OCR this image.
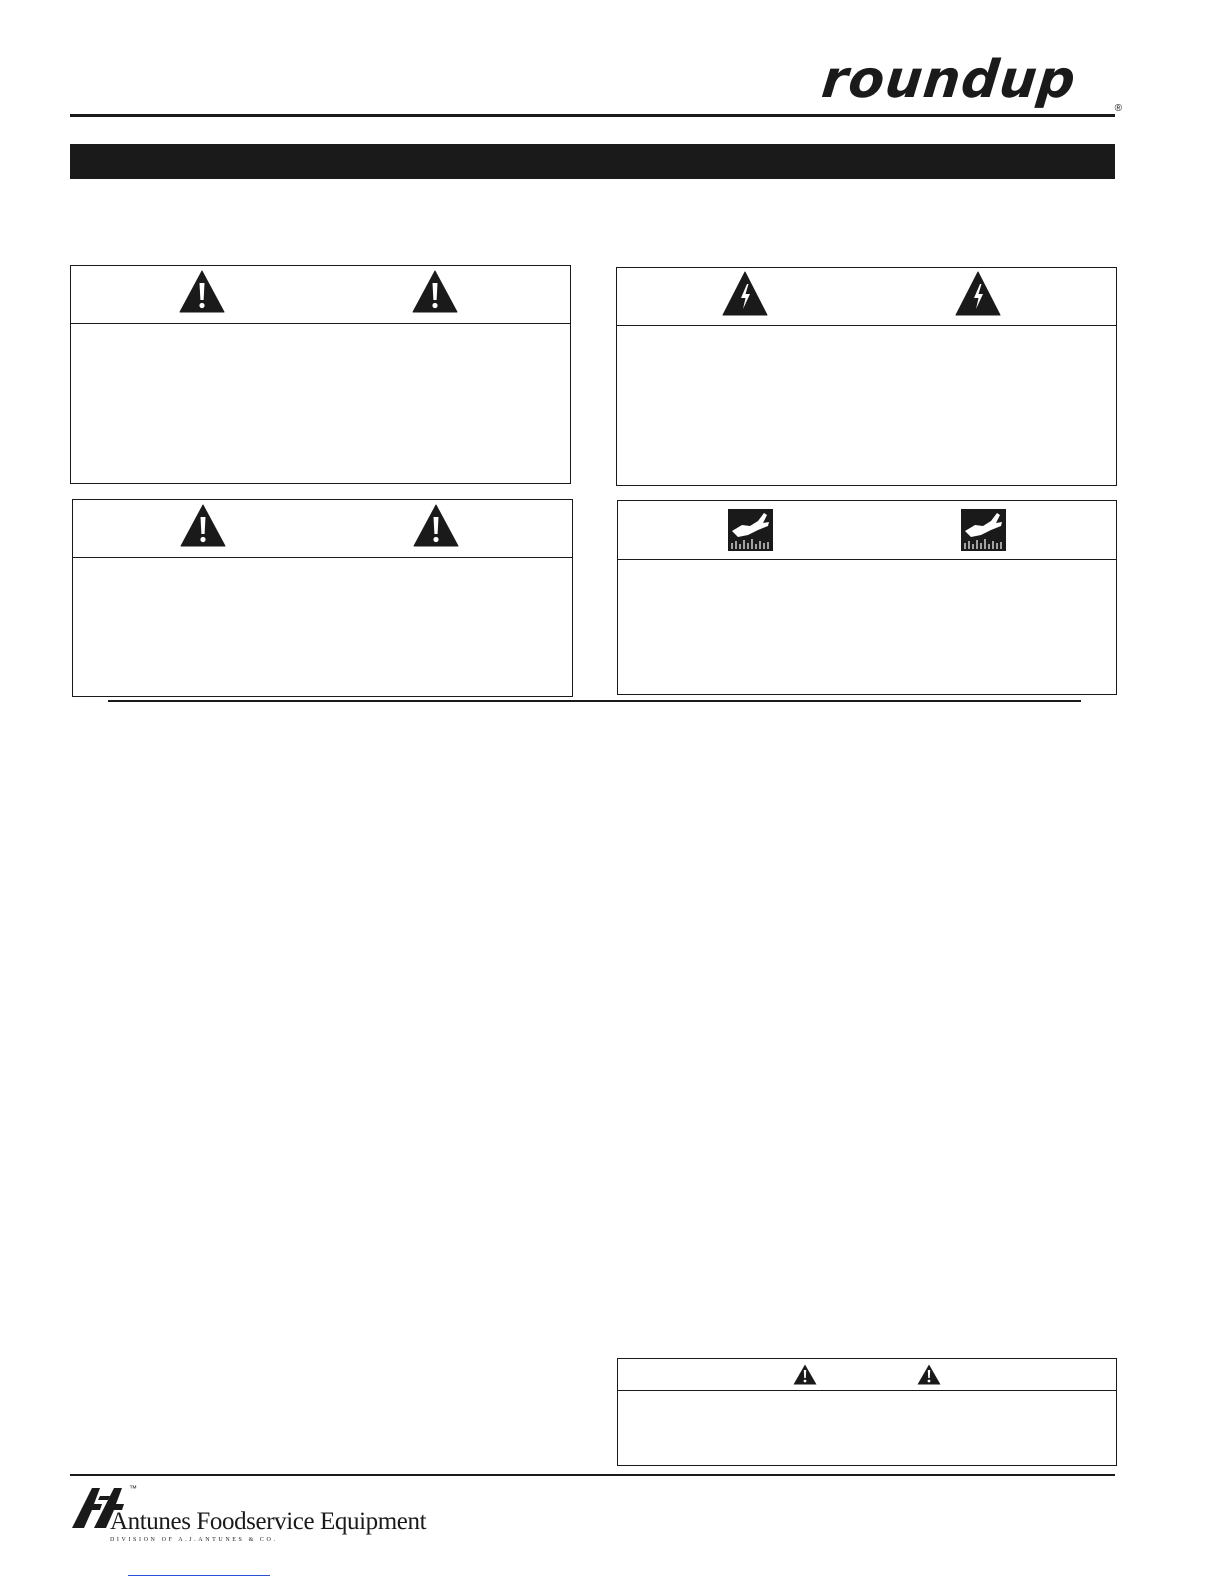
roundup	®
™
Antunes Foodservice Equipment
DIVISION OF A.J.ANTUNES & CO.
